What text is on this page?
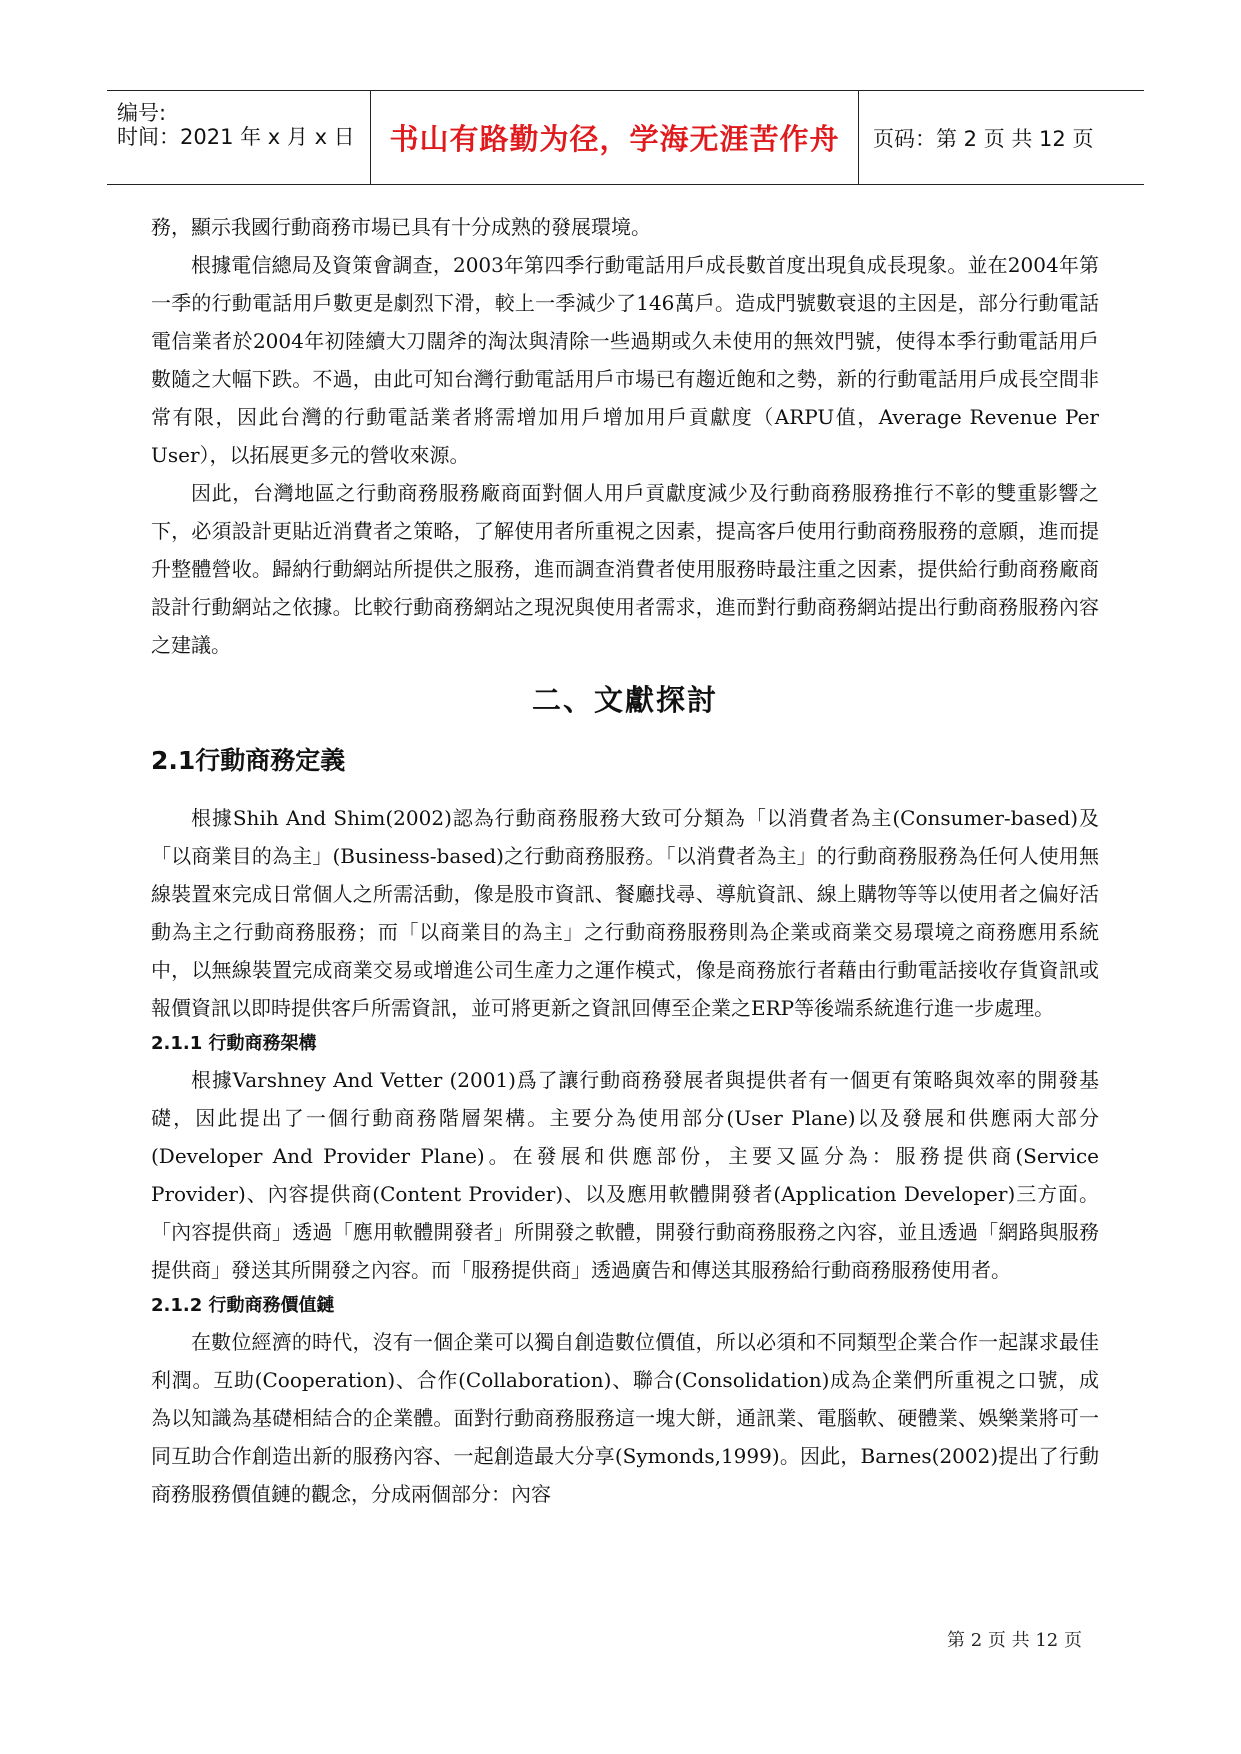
编号:
时间：2021 年 x 月 x 日 书山有路勤为径，学海无涯苦作舟 页码：第 2 页 共 12 页

務，顯示我國行動商務市場已具有十分成熟的發展環境。

根據電信總局及資策會調查，2003年第四季行動電話用戶成長數首度出現負成長現象。並在2004年第一季的行動電話用戶數更是劇烈下滑，較上一季減少了146萬戶。造成門號數衰退的主因是，部分行動電話電信業者於2004年初陸續大刀闊斧的淘汰與清除一些過期或久未使用的無效門號，使得本季行動電話用戶數隨之大幅下跌。不過，由此可知台灣行動電話用戶市場已有趨近飽和之勢，新的行動電話用戶成長空間非常有限，因此台灣的行動電話業者將需增加用戶增加用戶貢獻度（ARPU值，Average Revenue Per User），以拓展更多元的營收來源。

因此，台灣地區之行動商務服務廠商面對個人用戶貢獻度減少及行動商務服務推行不彰的雙重影響之下，必須設計更貼近消費者之策略，了解使用者所重視之因素，提高客戶使用行動商務服務的意願，進而提升整體營收。歸納行動網站所提供之服務，進而調查消費者使用服務時最注重之因素，提供給行動商務廠商設計行動網站之依據。比較行動商務網站之現況與使用者需求，進而對行動商務網站提出行動商務服務內容之建議。

二、文獻探討
2.1行動商務定義

根據Shih And Shim(2002)認為行動商務服務大致可分類為「以消費者為主(Consumer-based)及「以商業目的為主」(Business-based)之行動商務服務。「以消費者為主」的行動商務服務為任何人使用無線裝置來完成日常個人之所需活動，像是股市資訊、餐廳找尋、導航資訊、線上購物等等以使用者之偏好活動為主之行動商務服務；而「以商業目的為主」之行動商務服務則為企業或商業交易環境之商務應用系統中，以無線裝置完成商業交易或增進公司生產力之運作模式，像是商務旅行者藉由行動電話接收存貨資訊或報價資訊以即時提供客戶所需資訊，並可將更新之資訊回傳至企業之ERP等後端系統進行進一步處理。

2.1.1 行動商務架構

根據Varshney And Vetter (2001)爲了讓行動商務發展者與提供者有一個更有策略與效率的開發基礎，因此提出了一個行動商務階層架構。主要分為使用部分(User Plane)以及發展和供應兩大部分(Developer And Provider Plane)。在發展和供應部份，主要又區分為：服務提供商(Service Provider)、內容提供商(Content Provider)、以及應用軟體開發者(Application Developer)三方面。「內容提供商」透過「應用軟體開發者」所開發之軟體，開發行動商務服務之內容，並且透過「網路與服務提供商」發送其所開發之內容。而「服務提供商」透過廣告和傳送其服務給行動商務服務使用者。

2.1.2 行動商務價值鏈

在數位經濟的時代，沒有一個企業可以獨自創造數位價值，所以必須和不同類型企業合作一起謀求最佳利潤。互助(Cooperation)、合作(Collaboration)、聯合(Consolidation)成為企業們所重視之口號，成為以知識為基礎相結合的企業體。面對行動商務服務這一塊大餅，通訊業、電腦軟、硬體業、娛樂業將可一同互助合作創造出新的服務內容、一起創造最大分享(Symonds,1999)。因此，Barnes(2002)提出了行動商務服務價值鏈的觀念，分成兩個部分：內容

第 2 页 共 12 页
